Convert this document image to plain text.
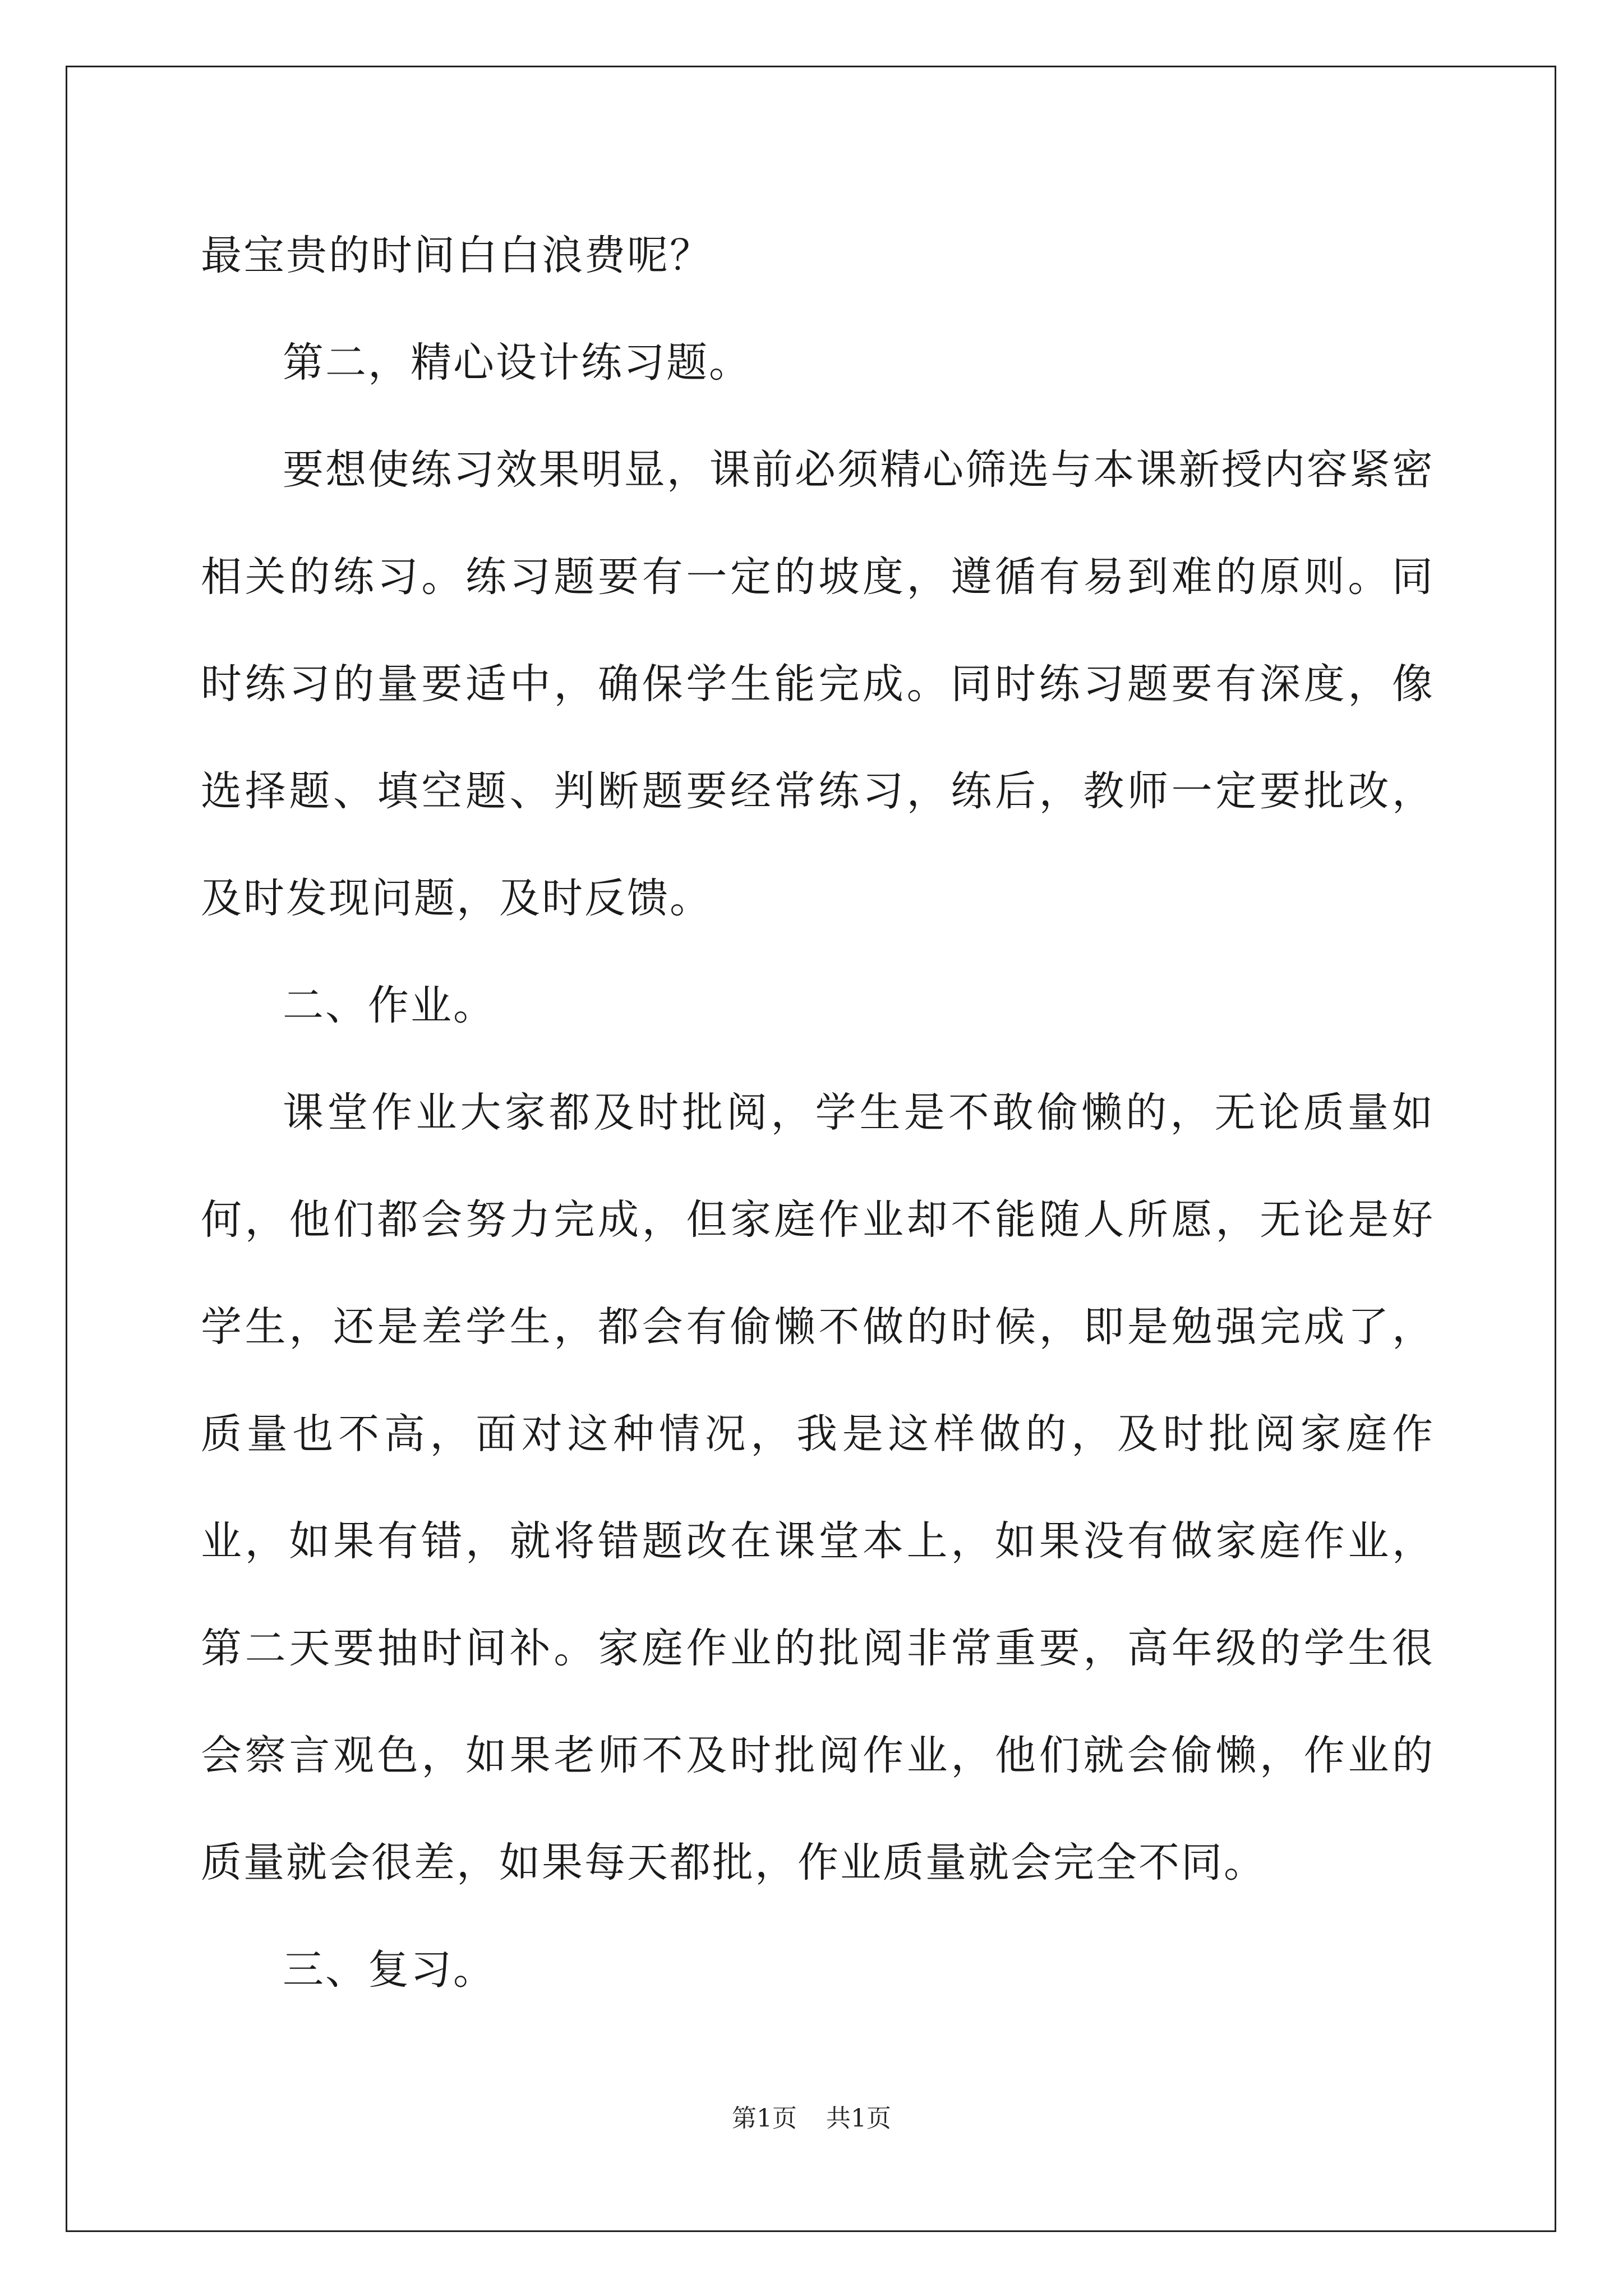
最宝贵的时间白白浪费呢？

第二，精心设计练习题。

要想使练习效果明显，课前必须精心筛选与本课新授内容紧密相关的练习。练习题要有一定的坡度，遵循有易到难的原则。同时练习的量要适中，确保学生能完成。同时练习题要有深度，像选择题、填空题、判断题要经常练习，练后，教师一定要批改，及时发现问题，及时反馈。

二、作业。

课堂作业大家都及时批阅，学生是不敢偷懒的，无论质量如何，他们都会努力完成，但家庭作业却不能随人所愿，无论是好学生，还是差学生，都会有偷懒不做的时候，即是勉强完成了，质量也不高，面对这种情况，我是这样做的，及时批阅家庭作业，如果有错，就将错题改在课堂本上，如果没有做家庭作业，第二天要抽时间补。家庭作业的批阅非常重要，高年级的学生很会察言观色，如果老师不及时批阅作业，他们就会偷懒，作业的质量就会很差，如果每天都批，作业质量就会完全不同。

三、复习。

第1页 共1页
